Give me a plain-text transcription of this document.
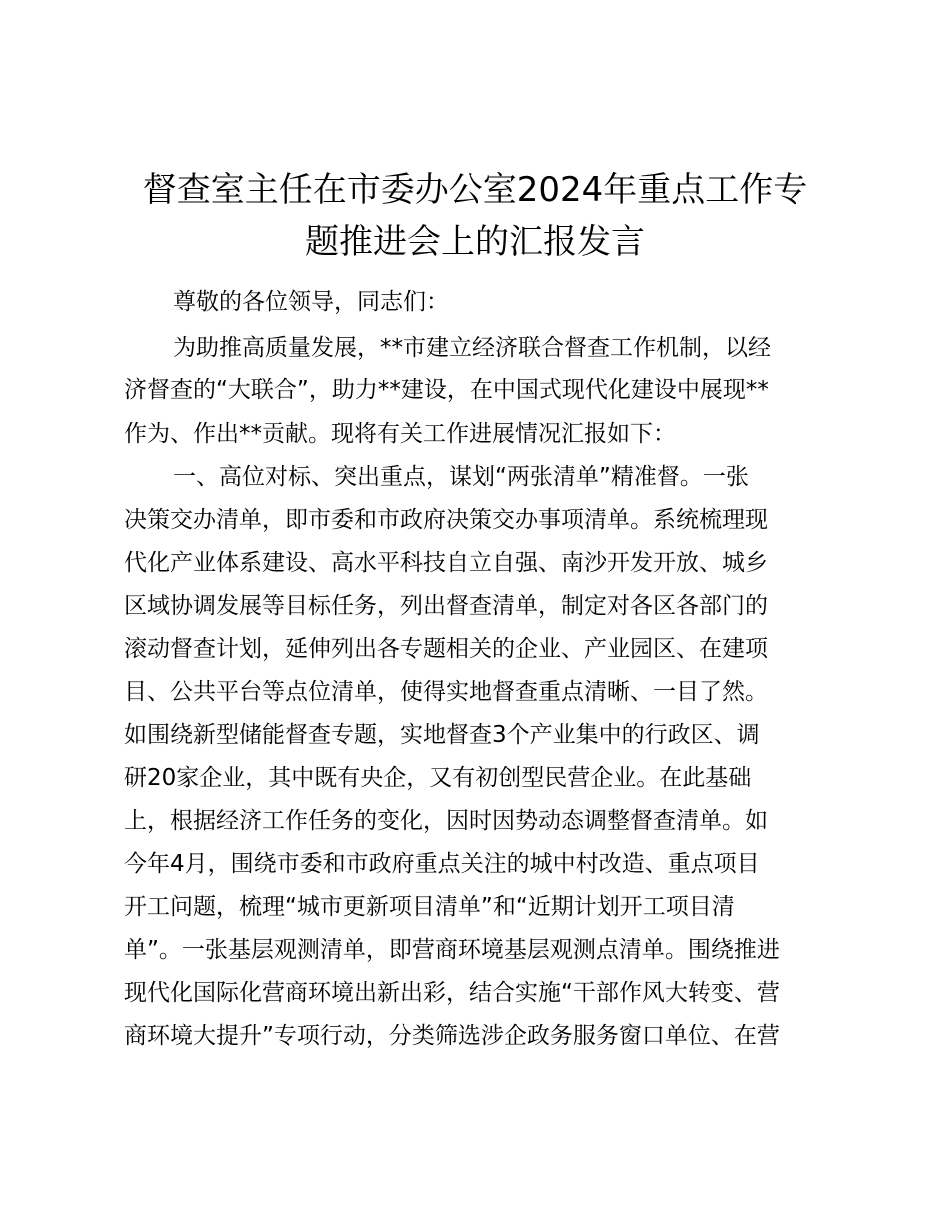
督查室主任在市委办公室2024年重点工作专
题推进会上的汇报发言
尊敬的各位领导，同志们：
为助推高质量发展，**市建立经济联合督查工作机制，以经
济督查的“大联合”，助力**建设，在中国式现代化建设中展现**
作为、作出**贡献。现将有关工作进展情况汇报如下：
一、高位对标、突出重点，谋划“两张清单”精准督。一张
决策交办清单，即市委和市政府决策交办事项清单。系统梳理现
代化产业体系建设、高水平科技自立自强、南沙开发开放、城乡
区域协调发展等目标任务，列出督查清单，制定对各区各部门的
滚动督查计划，延伸列出各专题相关的企业、产业园区、在建项
目、公共平台等点位清单，使得实地督查重点清晰、一目了然。
如围绕新型储能督查专题，实地督查3个产业集中的行政区、调
研20家企业，其中既有央企，又有初创型民营企业。在此基础
上，根据经济工作任务的变化，因时因势动态调整督查清单。如
今年4月，围绕市委和市政府重点关注的城中村改造、重点项目
开工问题，梳理“城市更新项目清单”和“近期计划开工项目清
单”。一张基层观测清单，即营商环境基层观测点清单。围绕推进
现代化国际化营商环境出新出彩，结合实施“干部作风大转变、营
商环境大提升”专项行动，分类筛选涉企政务服务窗口单位、在营
